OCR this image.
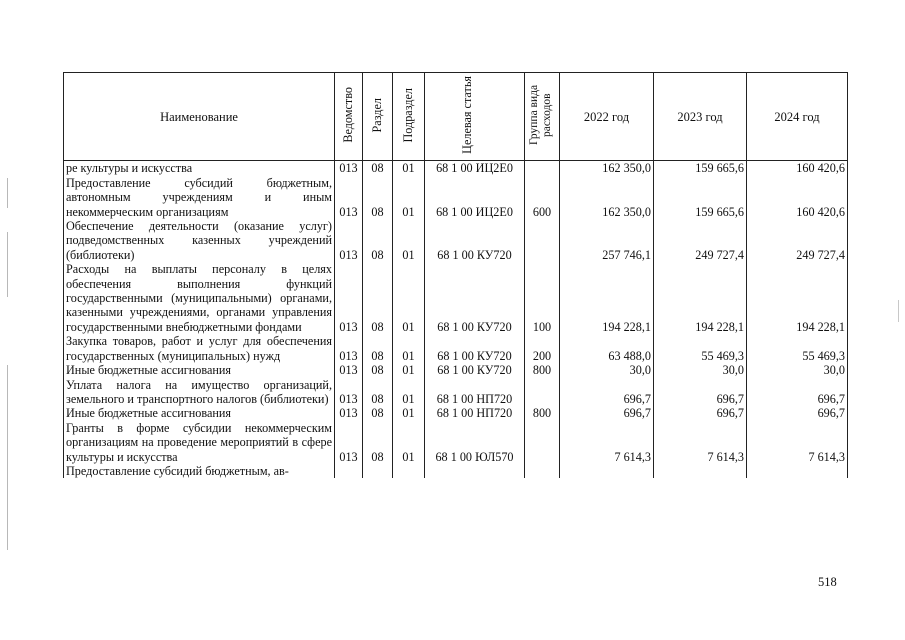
Наименование	Ведомство	Раздел	Подраздел	Целевая статья	Группа вида расходов	2022 год	2023 год	2024 год
ре культуры и искусства	013	08	01	68 1 00 ИЦ2Е0		162 350,0	159 665,6	160 420,6
Предоставление субсидий бюджетным, автономным учреждениям и иным некоммерческим организациям	013	08	01	68 1 00 ИЦ2Е0	600	162 350,0	159 665,6	160 420,6
Обеспечение деятельности (оказание услуг) подведомственных казенных учреждений (библиотеки)	013	08	01	68 1 00 КУ720		257 746,1	249 727,4	249 727,4
Расходы на выплаты персоналу в целях обеспечения выполнения функций государственными (муниципальными) органами, казенными учреждениями, органами управления государственными внебюджетными фондами	013	08	01	68 1 00 КУ720	100	194 228,1	194 228,1	194 228,1
Закупка товаров, работ и услуг для обеспечения государственных (муниципальных) нужд	013	08	01	68 1 00 КУ720	200	63 488,0	55 469,3	55 469,3
Иные бюджетные ассигнования	013	08	01	68 1 00 КУ720	800	30,0	30,0	30,0
Уплата налога на имущество организаций, земельного и транспортного налогов (библиотеки)	013	08	01	68 1 00 НП720		696,7	696,7	696,7
Иные бюджетные ассигнования	013	08	01	68 1 00 НП720	800	696,7	696,7	696,7
Гранты в форме субсидии некоммерческим организациям на проведение мероприятий в сфере культуры и искусства	013	08	01	68 1 00 ЮЛ570		7 614,3	7 614,3	7 614,3
Предоставление субсидий бюджетным, ав-								
518
